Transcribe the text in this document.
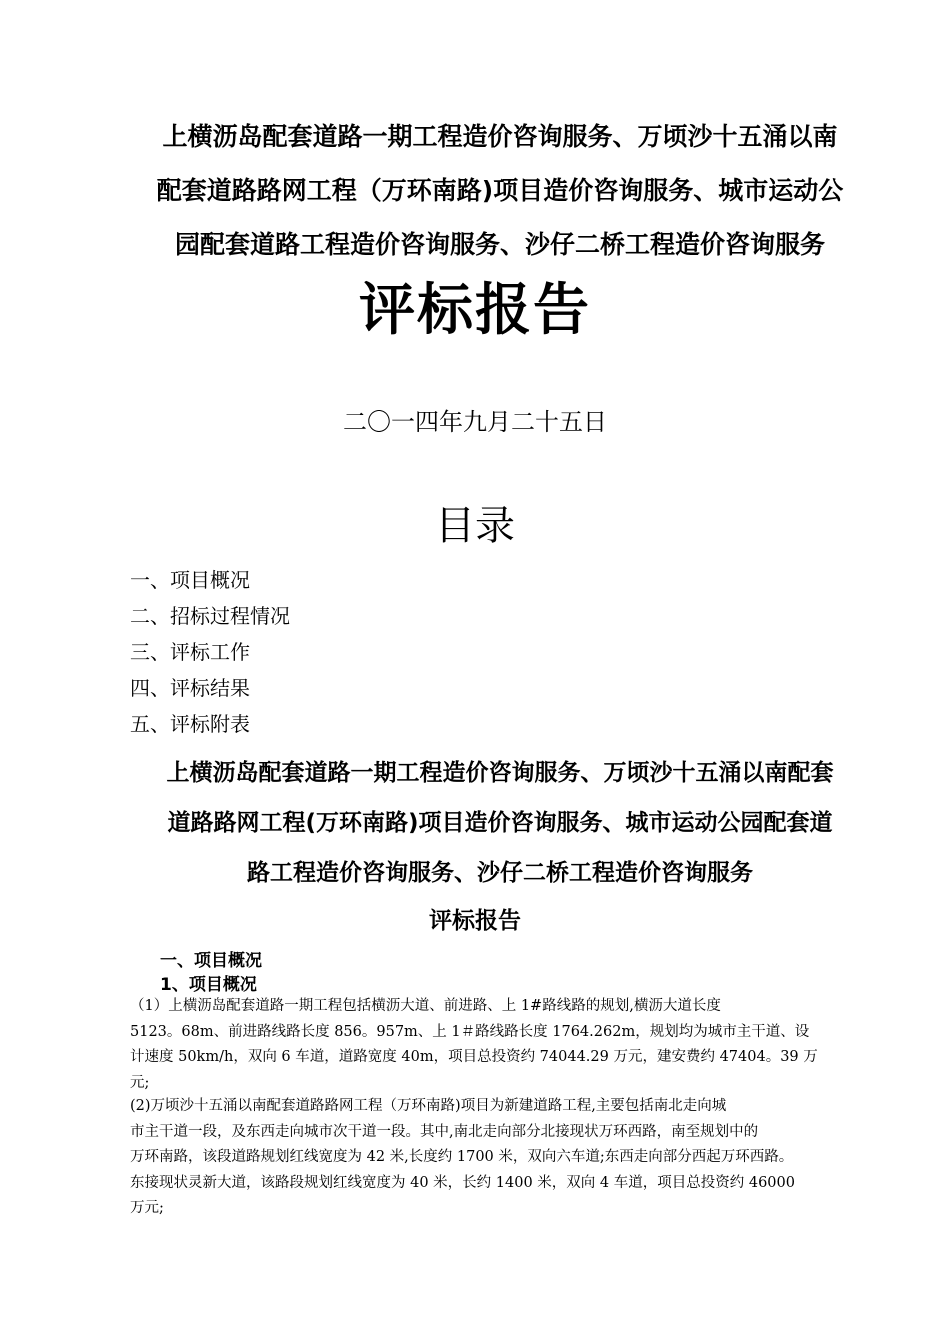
上横沥岛配套道路一期工程造价咨询服务、万顷沙十五涌以南
配套道路路网工程（万环南路)项目造价咨询服务、城市运动公
园配套道路工程造价咨询服务、沙仔二桥工程造价咨询服务
评标报告
二〇一四年九月二十五日
目录
一、项目概况
二、招标过程情况
三、评标工作
四、评标结果
五、评标附表
上横沥岛配套道路一期工程造价咨询服务、万顷沙十五涌以南配套
道路路网工程(万环南路)项目造价咨询服务、城市运动公园配套道
路工程造价咨询服务、沙仔二桥工程造价咨询服务
评标报告
一、项目概况
1、项目概况
（1）上横沥岛配套道路一期工程包括横沥大道、前进路、上 1#路线路的规划,横沥大道长度
5123。68m、前进路线路长度 856。957m、上 1＃路线路长度 1764.262m，规划均为城市主干道、设
计速度 50km/h，双向 6 车道，道路宽度 40m，项目总投资约 74044.29 万元，建安费约 47404。39 万
元;
(2)万顷沙十五涌以南配套道路路网工程（万环南路)项目为新建道路工程,主要包括南北走向城
市主干道一段，及东西走向城市次干道一段。其中,南北走向部分北接现状万环西路，南至规划中的
万环南路，该段道路规划红线宽度为 42 米,长度约 1700 米，双向六车道;东西走向部分西起万环西路。
东接现状灵新大道，该路段规划红线宽度为 40 米，长约 1400 米，双向 4 车道，项目总投资约 46000
万元;
